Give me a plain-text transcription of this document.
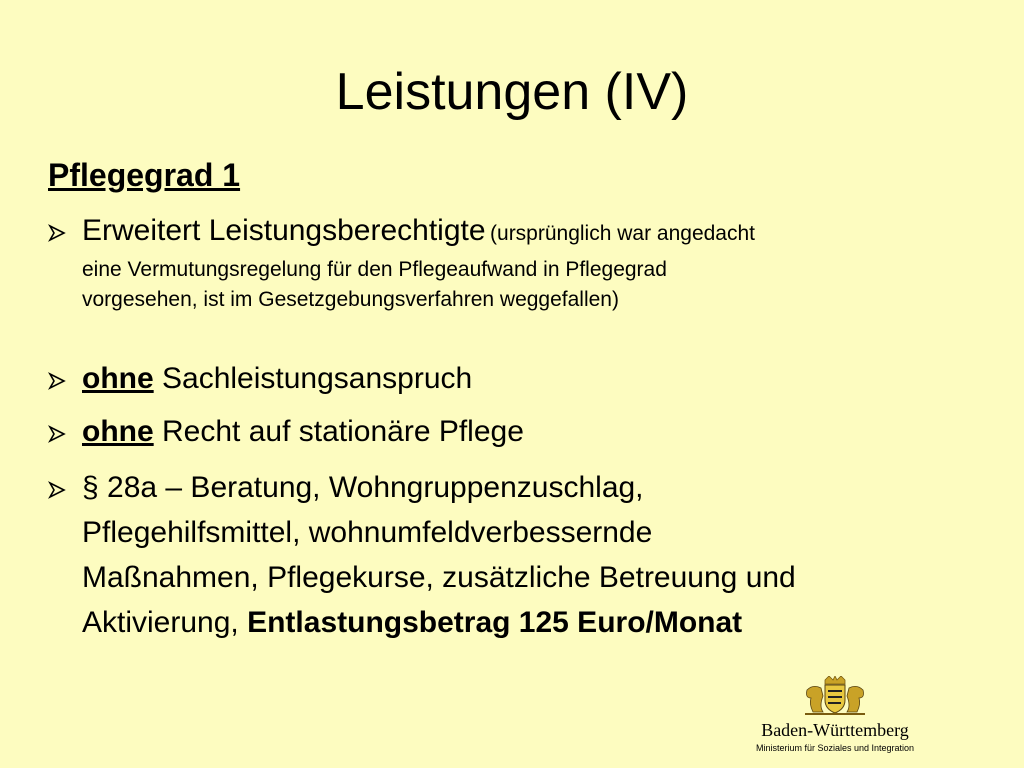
Leistungen (IV)
Pflegegrad 1
Erweitert Leistungsberechtigte (ursprünglich war angedacht
eine Vermutungsregelung für den Pflegeaufwand in Pflegegrad
vorgesehen, ist im Gesetzgebungsverfahren weggefallen)
ohne Sachleistungsanspruch
ohne Recht auf stationäre Pflege
§ 28a – Beratung, Wohngruppenzuschlag,
Pflegehilfsmittel, wohnumfeldverbessernde
Maßnahmen, Pflegekurse, zusätzliche Betreuung und
Aktivierung, Entlastungsbetrag 125 Euro/Monat
Baden-Württemberg
Ministerium für Soziales und Integration
